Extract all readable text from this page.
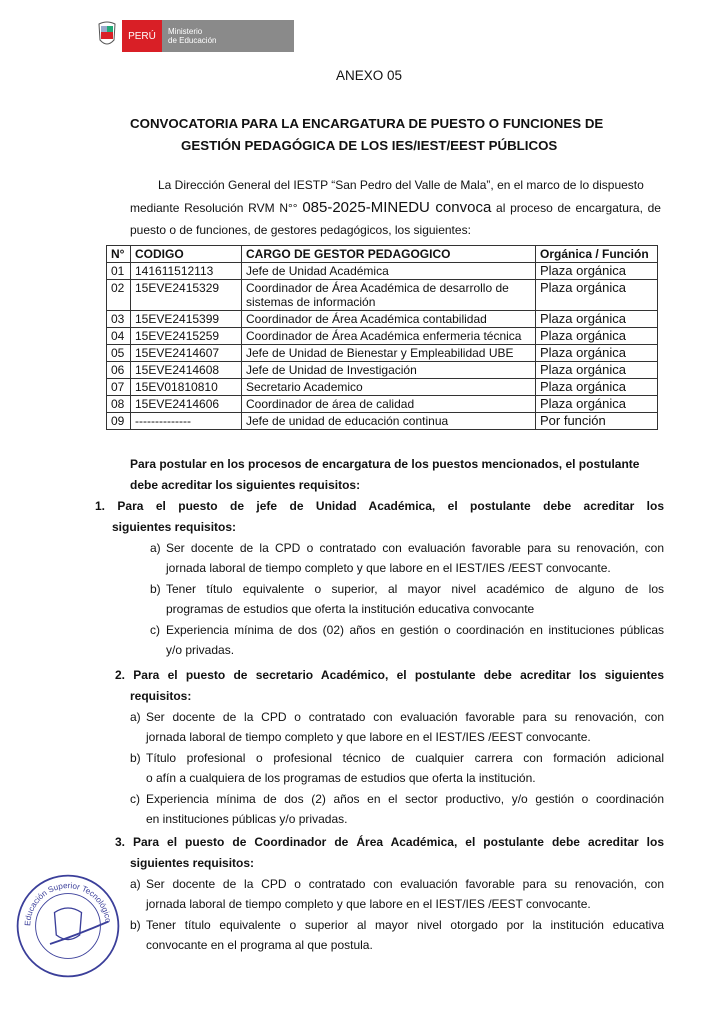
PERÚ	Ministerio
de Educación
ANEXO 05
CONVOCATORIA PARA LA ENCARGATURA DE PUESTO O FUNCIONES DE
GESTIÓN PEDAGÓGICA DE LOS IES/IEST/EEST PÚBLICOS
La Dirección General del IESTP “San Pedro del Valle de Mala”, en el marco de lo dispuesto
mediante Resolución RVM N°° 085-2025-MINEDU convoca al proceso de encargatura, de
puesto o de funciones, de gestores pedagógicos, los siguientes:
N°	CODIGO	CARGO DE GESTOR PEDAGOGICO	Orgánica / Función
01	141611512113	Jefe de Unidad Académica	Plaza orgánica
02	15EVE2415329	Coordinador de Área Académica de desarrollo de sistemas de información	Plaza orgánica
03	15EVE2415399	Coordinador de Área Académica contabilidad	Plaza orgánica
04	15EVE2415259	Coordinador de Área Académica enfermeria técnica	Plaza orgánica
05	15EVE2414607	Jefe de Unidad de Bienestar y Empleabilidad UBE	Plaza orgánica
06	15EVE2414608	Jefe de Unidad de Investigación	Plaza orgánica
07	15EV01810810	Secretario Academico	Plaza orgánica
08	15EVE2414606	Coordinador de área de calidad	Plaza orgánica
09	--------------	Jefe de unidad de educación continua	Por función
Para postular en los procesos de encargatura de los puestos mencionados, el postulante
debe acreditar los siguientes requisitos:
1. Para el puesto de jefe de Unidad Académica, el postulante debe acreditar los
siguientes requisitos:
a) Ser docente de la CPD o contratado con evaluación favorable para su renovación, con
jornada laboral de tiempo completo y que labore en el IEST/IES /EEST convocante.
b) Tener título equivalente o superior, al mayor nivel académico de alguno de los
programas de estudios que oferta la institución educativa convocante
c) Experiencia mínima de dos (02) años en gestión o coordinación en instituciones públicas
y/o privadas.
2. Para el puesto de secretario Académico, el postulante debe acreditar los siguientes
requisitos:
a) Ser docente de la CPD o contratado con evaluación favorable para su renovación, con
jornada laboral de tiempo completo y que labore en el IEST/IES /EEST convocante.
b) Título profesional o profesional técnico de cualquier carrera con formación adicional
o afín a cualquiera de los programas de estudios que oferta la institución.
c) Experiencia mínima de dos (2) años en el sector productivo, y/o gestión o coordinación
en instituciones públicas y/o privadas.
3. Para el puesto de Coordinador de Área Académica, el postulante debe acreditar los
siguientes requisitos:
a) Ser docente de la CPD o contratado con evaluación favorable para su renovación, con
jornada laboral de tiempo completo y que labore en el IEST/IES /EEST convocante.
b) Tener título equivalente o superior al mayor nivel otorgado por la institución educativa
convocante en el programa al que postula.
Educación Superior Tecnológico
